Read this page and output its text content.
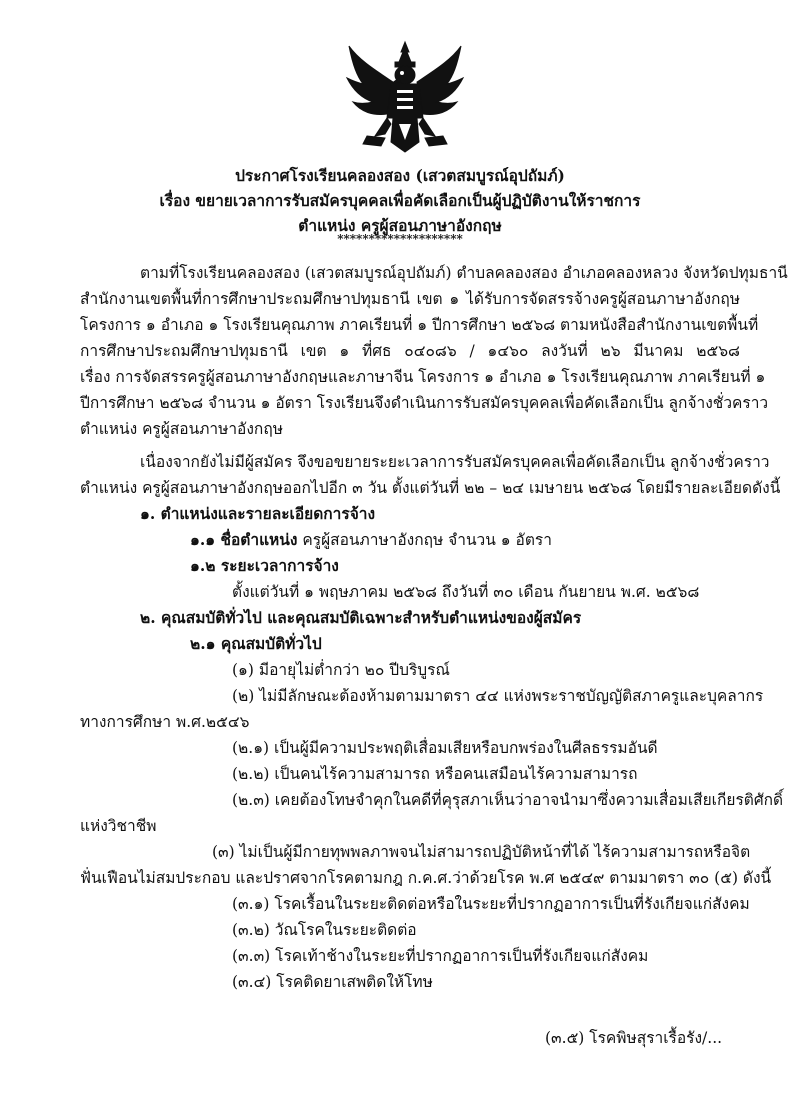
ประกาศโรงเรียนคลองสอง (เสวตสมบูรณ์อุปถัมภ์)
เรื่อง ขยายเวลาการรับสมัครบุคคลเพื่อคัดเลือกเป็นผู้ปฏิบัติงานให้ราชการ
ตำแหน่ง ครูผู้สอนภาษาอังกฤษ
********************
ตามที่โรงเรียนคลองสอง (เสวตสมบูรณ์อุปถัมภ์) ตำบลคลองสอง อำเภอคลองหลวง จังหวัดปทุมธานี
สำนักงานเขตพื้นที่การศึกษาประถมศึกษาปทุมธานี เขต ๑ ได้รับการจัดสรรจ้างครูผู้สอนภาษาอังกฤษ
โครงการ ๑ อำเภอ ๑ โรงเรียนคุณภาพ ภาคเรียนที่ ๑ ปีการศึกษา ๒๕๖๘ ตามหนังสือสำนักงานเขตพื้นที่
การศึกษาประถมศึกษาปทุมธานี เขต ๑ ที่ศธ ๐๔๐๘๖ / ๑๔๖๐ ลงวันที่ ๒๖ มีนาคม ๒๕๖๘
เรื่อง การจัดสรรครูผู้สอนภาษาอังกฤษและภาษาจีน โครงการ ๑ อำเภอ ๑ โรงเรียนคุณภาพ ภาคเรียนที่ ๑
ปีการศึกษา ๒๕๖๘ จำนวน ๑ อัตรา โรงเรียนจึงดำเนินการรับสมัครบุคคลเพื่อคัดเลือกเป็น ลูกจ้างชั่วคราว
ตำแหน่ง ครูผู้สอนภาษาอังกฤษ
เนื่องจากยังไม่มีผู้สมัคร จึงขอขยายระยะเวลาการรับสมัครบุคคลเพื่อคัดเลือกเป็น ลูกจ้างชั่วคราว
ตำแหน่ง ครูผู้สอนภาษาอังกฤษออกไปอีก ๓ วัน ตั้งแต่วันที่ ๒๒ – ๒๔ เมษายน ๒๕๖๘ โดยมีรายละเอียดดังนี้
๑. ตำแหน่งและรายละเอียดการจ้าง
๑.๑ ชื่อตำแหน่ง ครูผู้สอนภาษาอังกฤษ จำนวน ๑ อัตรา
๑.๒ ระยะเวลาการจ้าง
ตั้งแต่วันที่ ๑ พฤษภาคม ๒๕๖๘ ถึงวันที่ ๓๐ เดือน กันยายน พ.ศ. ๒๕๖๘
๒. คุณสมบัติทั่วไป และคุณสมบัติเฉพาะสำหรับตำแหน่งของผู้สมัคร
๒.๑ คุณสมบัติทั่วไป
(๑) มีอายุไม่ต่ำกว่า ๒๐ ปีบริบูรณ์
(๒) ไม่มีลักษณะต้องห้ามตามมาตรา ๔๔ แห่งพระราชบัญญัติสภาครูและบุคลากร
ทางการศึกษา พ.ศ.๒๕๔๖
(๒.๑) เป็นผู้มีความประพฤติเสื่อมเสียหรือบกพร่องในศีลธรรมอันดี
(๒.๒) เป็นคนไร้ความสามารถ หรือคนเสมือนไร้ความสามารถ
(๒.๓) เคยต้องโทษจำคุกในคดีที่คุรุสภาเห็นว่าอาจนำมาซึ่งความเสื่อมเสียเกียรติศักดิ์
แห่งวิชาชีพ
(๓) ไม่เป็นผู้มีกายทุพพลภาพจนไม่สามารถปฏิบัติหน้าที่ได้ ไร้ความสามารถหรือจิต
ฟั่นเฟือนไม่สมประกอบ และปราศจากโรคตามกฎ ก.ค.ศ.ว่าด้วยโรค พ.ศ ๒๕๔๙ ตามมาตรา ๓๐ (๕) ดังนี้
(๓.๑) โรคเรื้อนในระยะติดต่อหรือในระยะที่ปรากฏอาการเป็นที่รังเกียจแก่สังคม
(๓.๒) วัณโรคในระยะติดต่อ
(๓.๓) โรคเท้าช้างในระยะที่ปรากฏอาการเป็นที่รังเกียจแก่สังคม
(๓.๔) โรคติดยาเสพติดให้โทษ
(๓.๕) โรคพิษสุราเรื้อรัง/...
